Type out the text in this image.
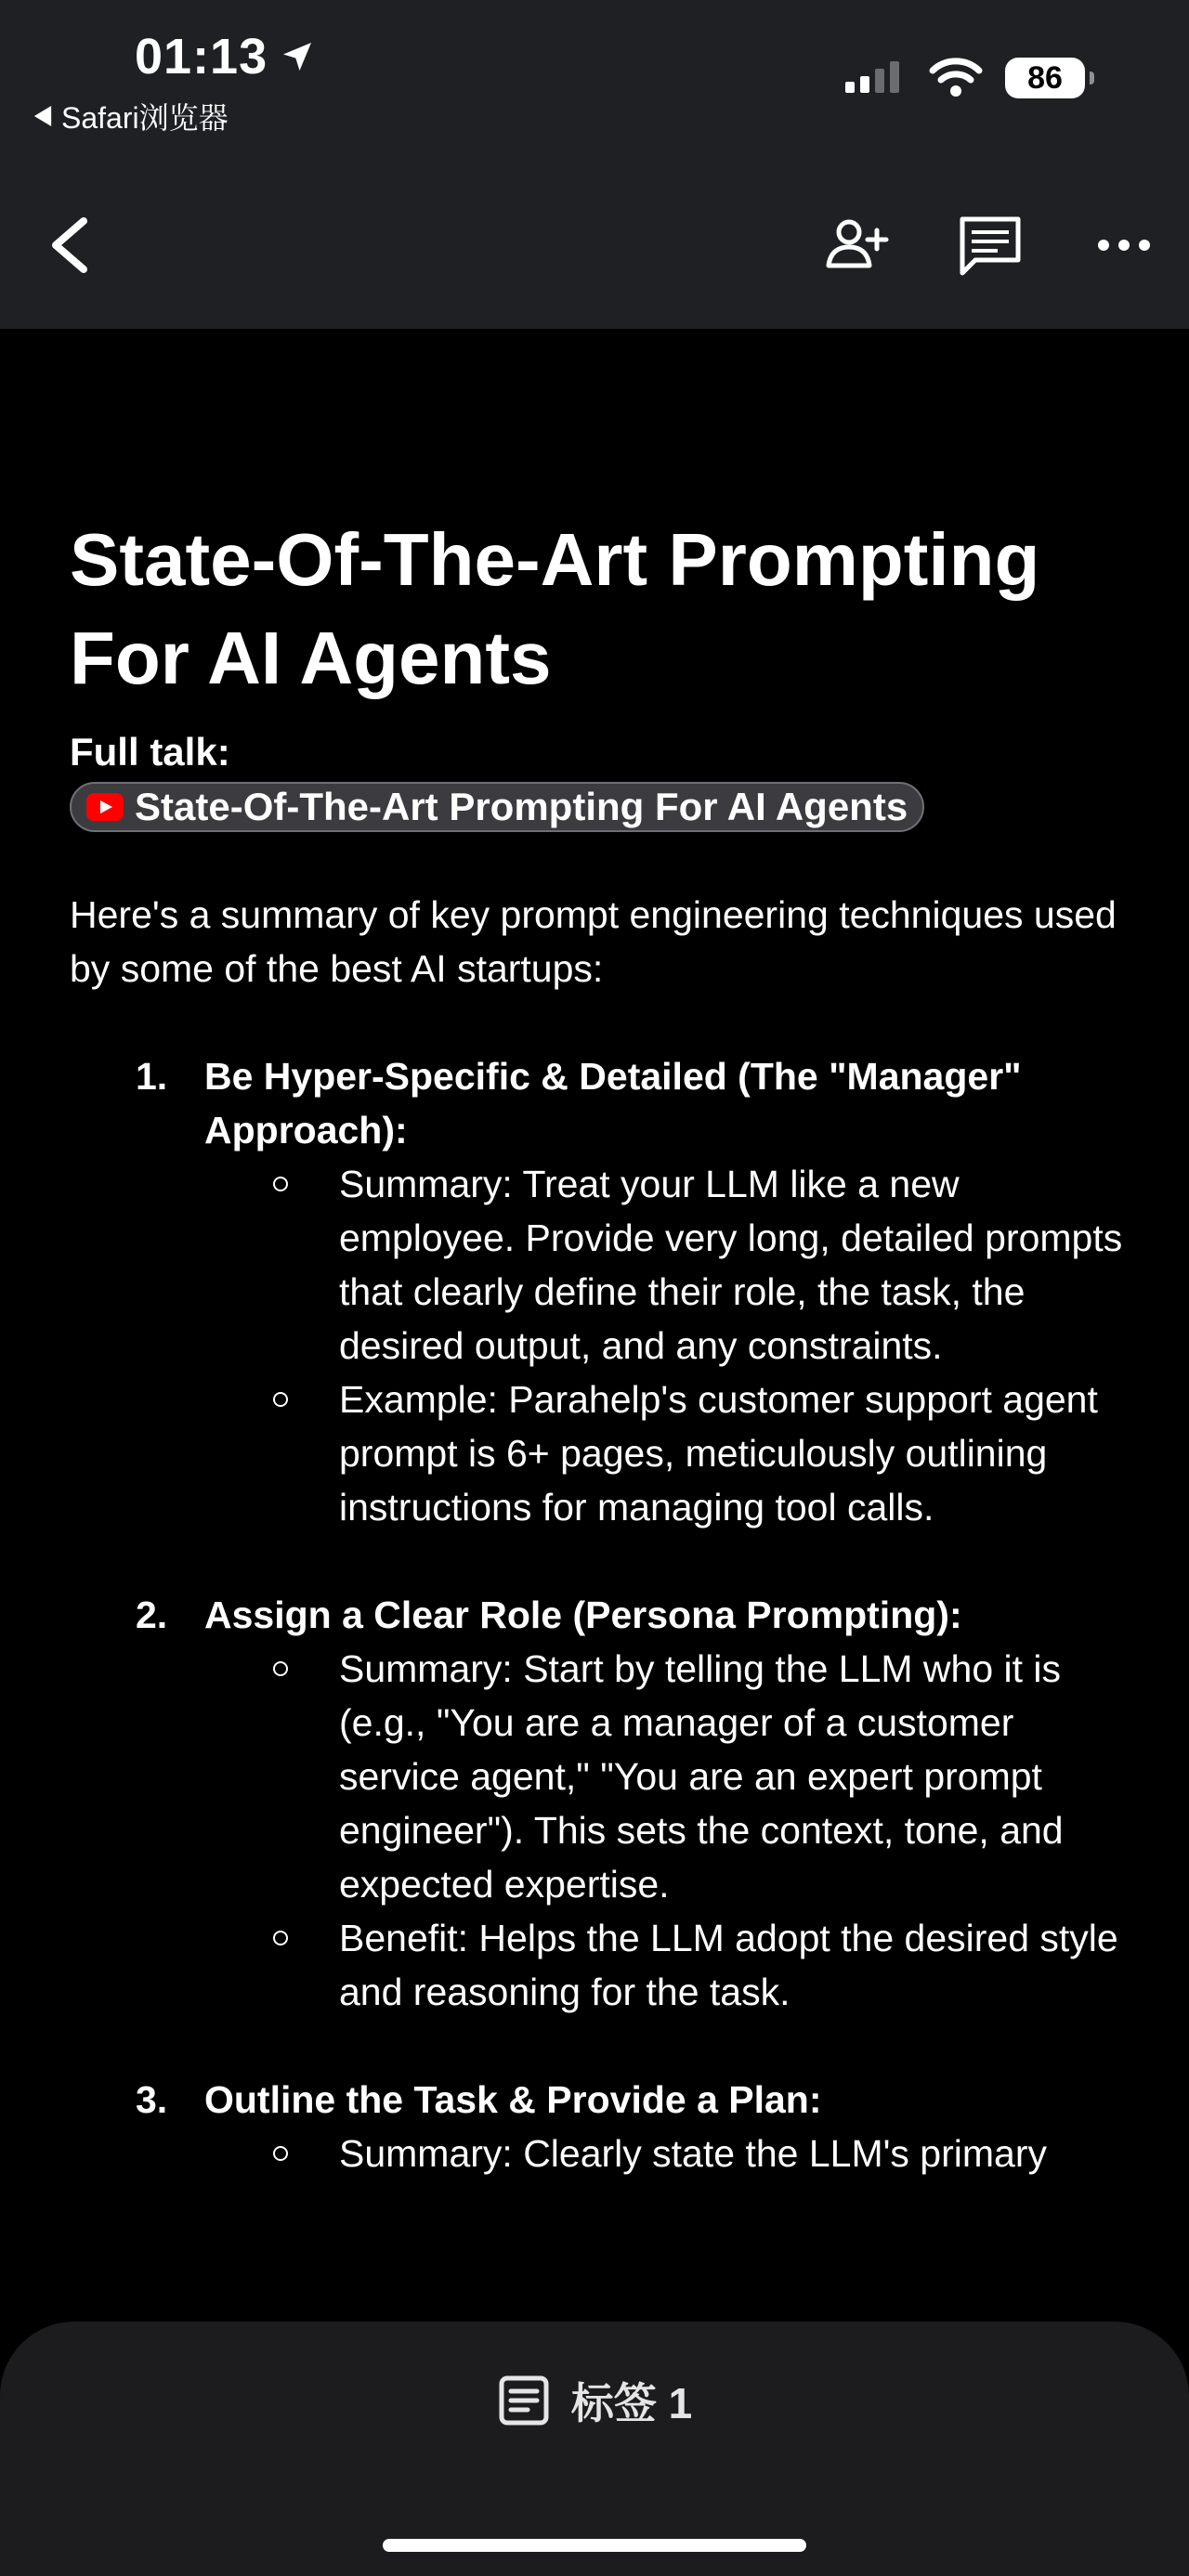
01:13
Safari浏览器
86
State-Of-The-Art Prompting For AI Agents
Full talk:
State-Of-The-Art Prompting For AI Agents

Here's a summary of key prompt engineering techniques used by some of the best AI startups:

1. Be Hyper-Specific & Detailed (The "Manager" Approach):
Summary: Treat your LLM like a new employee. Provide very long, detailed prompts that clearly define their role, the task, the desired output, and any constraints.
Example: Parahelp's customer support agent prompt is 6+ pages, meticulously outlining instructions for managing tool calls.
2. Assign a Clear Role (Persona Prompting):
Summary: Start by telling the LLM who it is (e.g., "You are a manager of a customer service agent," "You are an expert prompt engineer"). This sets the context, tone, and expected expertise.
Benefit: Helps the LLM adopt the desired style and reasoning for the task.
3. Outline the Task & Provide a Plan:
Summary: Clearly state the LLM's primary
标签 1
